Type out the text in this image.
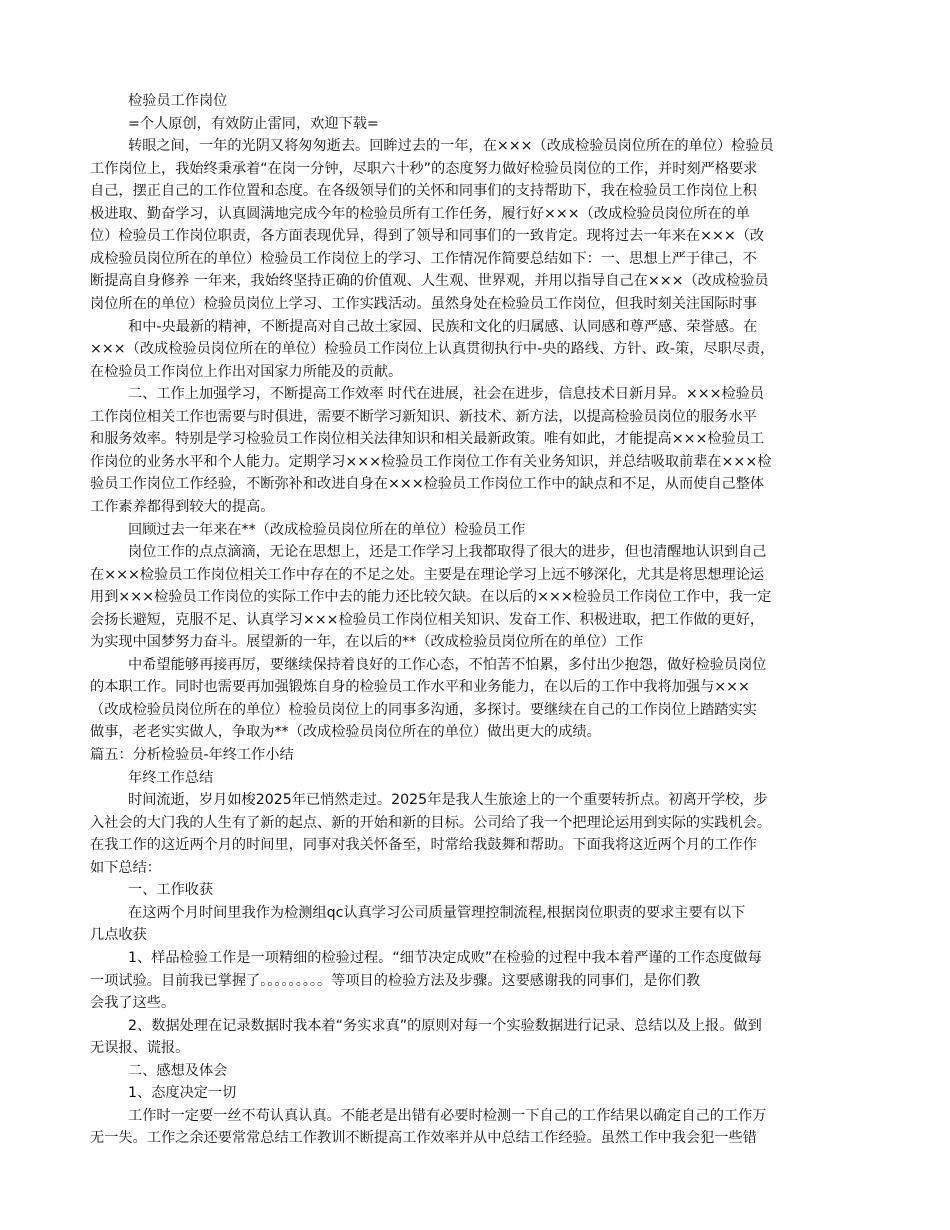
检验员工作岗位

=个人原创，有效防止雷同，欢迎下载=

转眼之间，一年的光阴又将匆匆逝去。回眸过去的一年，在×××（改成检验员岗位所在的单位）检验员

工作岗位上，我始终秉承着“在岗一分钟，尽职六十秒”的态度努力做好检验员岗位的工作，并时刻严格要求

自己，摆正自己的工作位置和态度。在各级领导们的关怀和同事们的支持帮助下，我在检验员工作岗位上积

极进取、勤奋学习，认真圆满地完成今年的检验员所有工作任务，履行好×××（改成检验员岗位所在的单

位）检验员工作岗位职责，各方面表现优异，得到了领导和同事们的一致肯定。现将过去一年来在×××（改

成检验员岗位所在的单位）检验员工作岗位上的学习、工作情况作简要总结如下：一、思想上严于律己，不

断提高自身修养 一年来，我始终坚持正确的价值观、人生观、世界观，并用以指导自己在×××（改成检验员

岗位所在的单位）检验员岗位上学习、工作实践活动。虽然身处在检验员工作岗位，但我时刻关注国际时事

和中-央最新的精神，不断提高对自己故土家园、民族和文化的归属感、认同感和尊严感、荣誉感。在

×××（改成检验员岗位所在的单位）检验员工作岗位上认真贯彻执行中-央的路线、方针、政-策，尽职尽责，

在检验员工作岗位上作出对国家力所能及的贡献。

二、工作上加强学习，不断提高工作效率 时代在进展，社会在进步，信息技术日新月异。×××检验员

工作岗位相关工作也需要与时俱进，需要不断学习新知识、新技术、新方法，以提高检验员岗位的服务水平

和服务效率。特别是学习检验员工作岗位相关法律知识和相关最新政策。唯有如此，才能提高×××检验员工

作岗位的业务水平和个人能力。定期学习×××检验员工作岗位工作有关业务知识，并总结吸取前辈在×××检

验员工作岗位工作经验，不断弥补和改进自身在×××检验员工作岗位工作中的缺点和不足，从而使自己整体

工作素养都得到较大的提高。

回顾过去一年来在**（改成检验员岗位所在的单位）检验员工作

岗位工作的点点滴滴，无论在思想上，还是工作学习上我都取得了很大的进步，但也清醒地认识到自己

在×××检验员工作岗位相关工作中存在的不足之处。主要是在理论学习上远不够深化，尤其是将思想理论运

用到×××检验员工作岗位的实际工作中去的能力还比较欠缺。在以后的×××检验员工作岗位工作中，我一定

会扬长避短，克服不足、认真学习×××检验员工作岗位相关知识、发奋工作、积极进取，把工作做的更好，

为实现中国梦努力奋斗。展望新的一年，在以后的**（改成检验员岗位所在的单位）工作

中希望能够再接再厉，要继续保持着良好的工作心态，不怕苦不怕累，多付出少抱怨，做好检验员岗位

的本职工作。同时也需要再加强锻炼自身的检验员工作水平和业务能力，在以后的工作中我将加强与×××

（改成检验员岗位所在的单位）检验员岗位上的同事多沟通，多探讨。要继续在自己的工作岗位上踏踏实实

做事，老老实实做人，争取为**（改成检验员岗位所在的单位）做出更大的成绩。

篇五：分析检验员-年终工作小结

年终工作总结

时间流逝，岁月如梭2025年已悄然走过。2025年是我人生旅途上的一个重要转折点。初离开学校，步

入社会的大门我的人生有了新的起点、新的开始和新的目标。公司给了我一个把理论运用到实际的实践机会。

在我工作的这近两个月的时间里，同事对我关怀备至，时常给我鼓舞和帮助。下面我将这近两个月的工作作

如下总结：

一、工作收获

在这两个月时间里我作为检测组qc认真学习公司质量管理控制流程,根据岗位职责的要求主要有以下

几点收获

1、样品检验工作是一项精细的检验过程。“细节决定成败”在检验的过程中我本着严谨的工作态度做每

一项试验。目前我已掌握了。。。。。。。。。等项目的检验方法及步骤。这要感谢我的同事们，是你们教

会我了这些。

2、数据处理在记录数据时我本着“务实求真”的原则对每一个实验数据进行记录、总结以及上报。做到

无误报、谎报。

二、感想及体会

1、态度决定一切

工作时一定要一丝不苟认真认真。不能老是出错有必要时检测一下自己的工作结果以确定自己的工作万

无一失。工作之余还要常常总结工作教训不断提高工作效率并从中总结工作经验。虽然工作中我会犯一些错
